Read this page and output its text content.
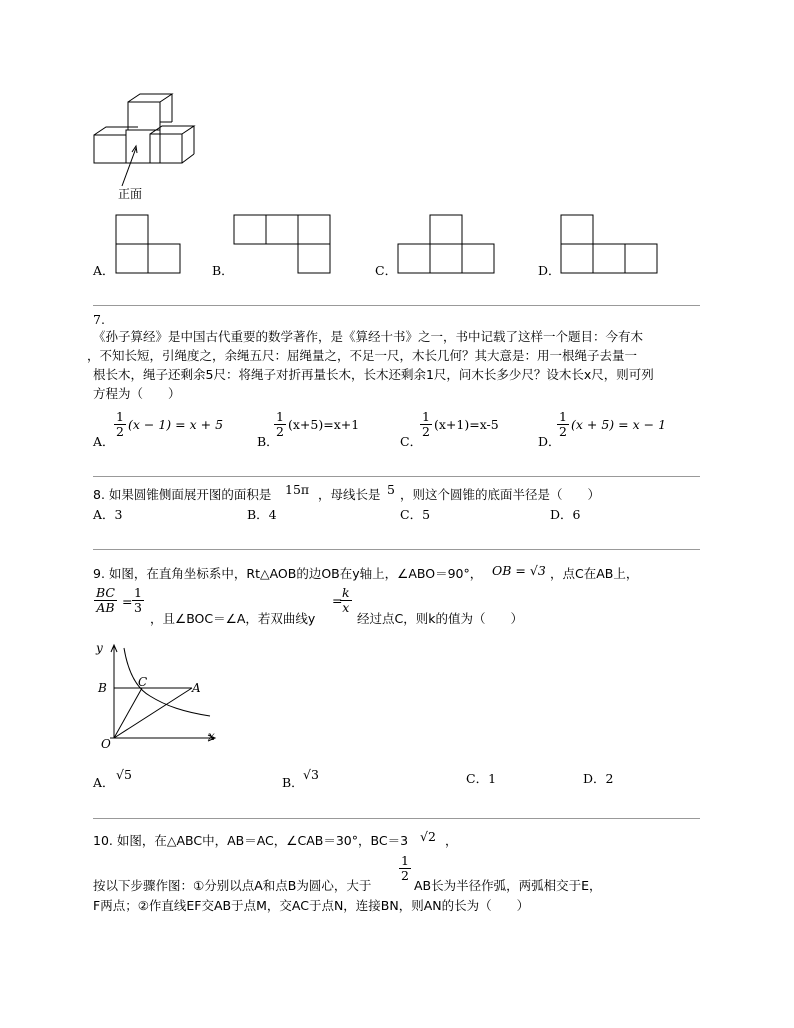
正面
A．	B．	C．	D．
7.
《孙子算经》是中国古代重要的数学著作，是《算经十书》之一，书中记载了这样一个题目：今有木
，不知长短，引绳度之，余绳五尺：屈绳量之，不足一尺，木长几何？其大意是：用一根绳子去量一
根长木，绳子还剩余5尺：将绳子对折再量长木，长木还剩余1尺，问木长多少尺？设木长x尺，则可列
方程为（　　）
A．
$\frac{1}{2} (x - 1) = x + 5$
B．
$\frac{1}{2} (x+5)=x+1$
C．
$\frac{1}{2} (x+1)=x-5$
D．
$\frac{1}{2} (x + 5) = x - 1$
8. 如果圆锥侧面展开图的面积是 15π ，母线长是 5 ，则这个圆锥的底面半径是（　　）
A．3	B．4	C．5	D．6
9. 如图，在直角坐标系中，Rt△AOB的边OB在y轴上，∠ABO＝90°， OB = √3 ，点C在AB上，
$\frac{BC}{AB} = \frac{1}{3}$
，且∠BOC＝∠A，若双曲线y
=
$\frac{k}{x}$
经过点C，则k的值为（　　）
y
B	C	A
O
x
A．
√5
B．
√3	C．1	D．2
10. 如图，在△ABC中，AB＝AC，∠CAB＝30°，BC＝3 √2 ，
$\frac{1}{2}$
按以下步骤作图：①分别以点A和点B为圆心，大于	AB长为半径作弧，两弧相交于E，
F两点；②作直线EF交AB于点M，交AC于点N，连接BN，则AN的长为（　　）
